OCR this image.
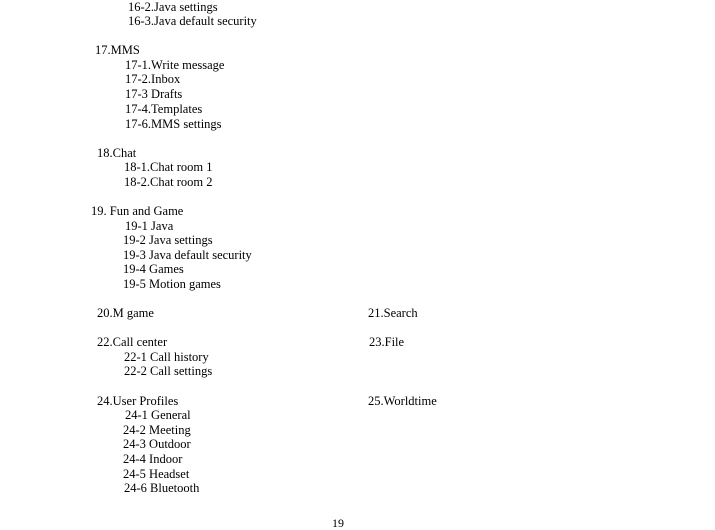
16-2.Java settings
16-3.Java default security
17.MMS
17-1.Write message
17-2.Inbox
17-3 Drafts
17-4.Templates
17-6.MMS settings
18.Chat
18-1.Chat room 1
18-2.Chat room 2
19. Fun and Game
19-1 Java
19-2 Java settings
19-3 Java default security
19-4 Games
19-5 Motion games
20.M game	21.Search
22.Call center	23.File
22-1 Call history
22-2 Call settings
24.User Profiles	25.Worldtime
24-1 General
24-2 Meeting
24-3 Outdoor
24-4 Indoor
24-5 Headset
24-6 Bluetooth
19
